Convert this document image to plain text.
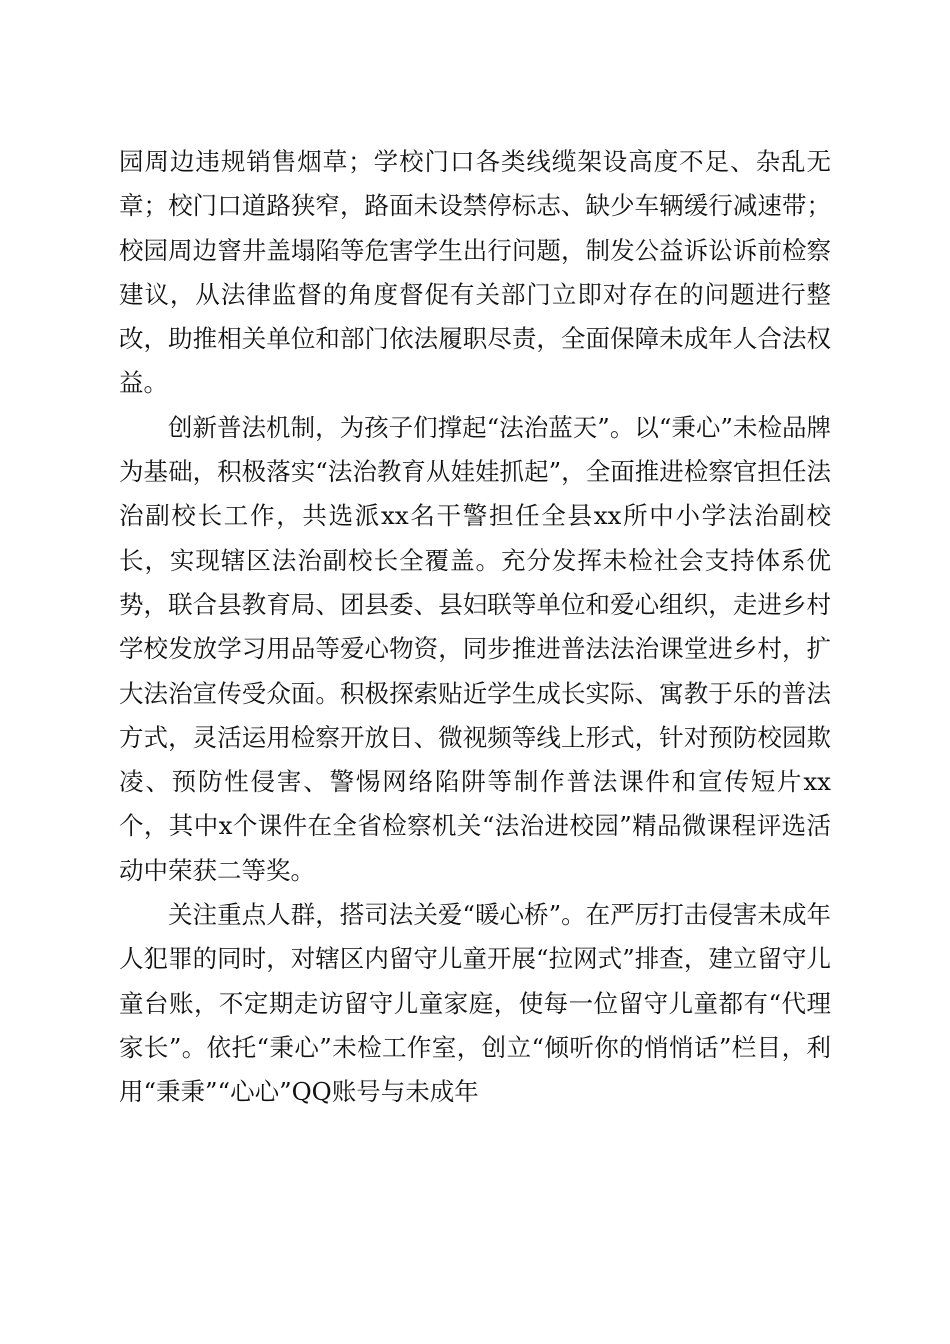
园周边违规销售烟草；学校门口各类线缆架设高度不足、杂乱无章；校门口道路狭窄，路面未设禁停标志、缺少车辆缓行减速带；校园周边窨井盖塌陷等危害学生出行问题，制发公益诉讼诉前检察建议，从法律监督的角度督促有关部门立即对存在的问题进行整改，助推相关单位和部门依法履职尽责，全面保障未成年人合法权益。

创新普法机制，为孩子们撑起“法治蓝天”。以“秉心”未检品牌为基础，积极落实“法治教育从娃娃抓起”，全面推进检察官担任法治副校长工作，共选派xx名干警担任全县xx所中小学法治副校长，实现辖区法治副校长全覆盖。充分发挥未检社会支持体系优势，联合县教育局、团县委、县妇联等单位和爱心组织，走进乡村学校发放学习用品等爱心物资，同步推进普法法治课堂进乡村，扩大法治宣传受众面。积极探索贴近学生成长实际、寓教于乐的普法方式，灵活运用检察开放日、微视频等线上形式，针对预防校园欺凌、预防性侵害、警惕网络陷阱等制作普法课件和宣传短片xx个，其中x个课件在全省检察机关“法治进校园”精品微课程评选活动中荣获二等奖。

关注重点人群，搭司法关爱“暖心桥”。在严厉打击侵害未成年人犯罪的同时，对辖区内留守儿童开展“拉网式”排查，建立留守儿童台账，不定期走访留守儿童家庭，使每一位留守儿童都有“代理家长”。依托“秉心”未检工作室，创立“倾听你的悄悄话”栏目，利用“秉秉”“心心”QQ账号与未成年
